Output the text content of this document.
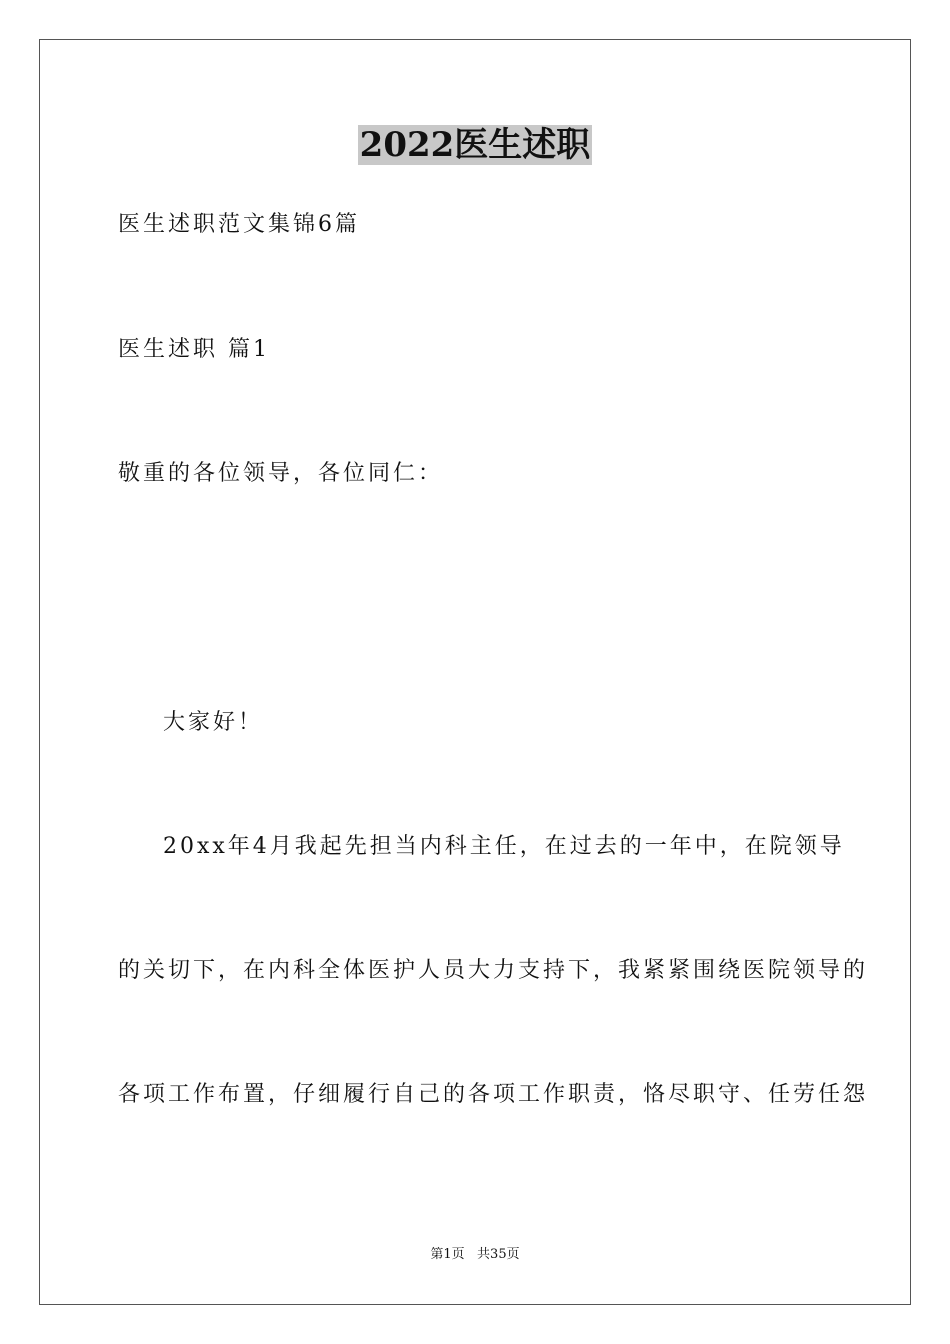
2022医生述职
医生述职范文集锦6篇
医生述职 篇1
敬重的各位领导，各位同仁：
大家好！
20xx年4月我起先担当内科主任，在过去的一年中，在院领导
的关切下，在内科全体医护人员大力支持下，我紧紧围绕医院领导的
各项工作布置，仔细履行自己的各项工作职责，恪尽职守、任劳任怨
第1页   共35页
